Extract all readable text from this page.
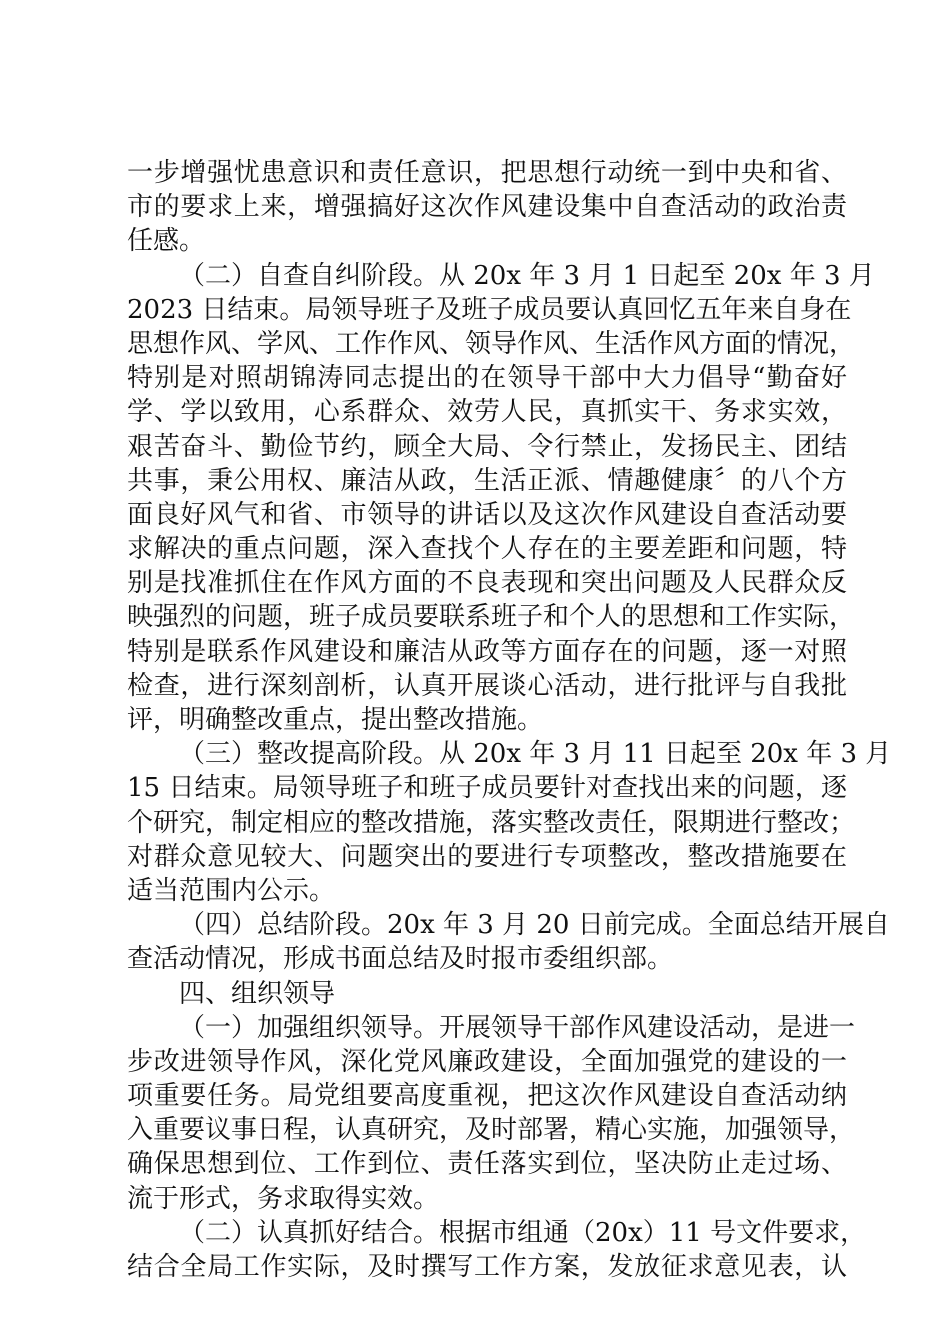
一步增强忧患意识和责任意识，把思想行动统一到中央和省、
市的要求上来，增强搞好这次作风建设集中自查活动的政治责
任感。
（二）自查自纠阶段。从 20x 年 3 月 1 日起至 20x 年 3 月
2023 日结束。局领导班子及班子成员要认真回忆五年来自身在
思想作风、学风、工作作风、领导作风、生活作风方面的情况，
特别是对照胡锦涛同志提出的在领导干部中大力倡导“勤奋好
学、学以致用，心系群众、效劳人民，真抓实干、务求实效，
艰苦奋斗、勤俭节约，顾全大局、令行禁止，发扬民主、团结
共事，秉公用权、廉洁从政，生活正派、情趣健康〞的八个方
面良好风气和省、市领导的讲话以及这次作风建设自查活动要
求解决的重点问题，深入查找个人存在的主要差距和问题，特
别是找准抓住在作风方面的不良表现和突出问题及人民群众反
映强烈的问题，班子成员要联系班子和个人的思想和工作实际，
特别是联系作风建设和廉洁从政等方面存在的问题，逐一对照
检查，进行深刻剖析，认真开展谈心活动，进行批评与自我批
评，明确整改重点，提出整改措施。
（三）整改提高阶段。从 20x 年 3 月 11 日起至 20x 年 3 月
15 日结束。局领导班子和班子成员要针对查找出来的问题，逐
个研究，制定相应的整改措施，落实整改责任，限期进行整改；
对群众意见较大、问题突出的要进行专项整改，整改措施要在
适当范围内公示。
（四）总结阶段。20x 年 3 月 20 日前完成。全面总结开展自
查活动情况，形成书面总结及时报市委组织部。
四、组织领导
（一）加强组织领导。开展领导干部作风建设活动，是进一
步改进领导作风，深化党风廉政建设，全面加强党的建设的一
项重要任务。局党组要高度重视，把这次作风建设自查活动纳
入重要议事日程，认真研究，及时部署，精心实施，加强领导，
确保思想到位、工作到位、责任落实到位，坚决防止走过场、
流于形式，务求取得实效。
（二）认真抓好结合。根据市组通（20x）11 号文件要求，
结合全局工作实际，及时撰写工作方案，发放征求意见表，认
